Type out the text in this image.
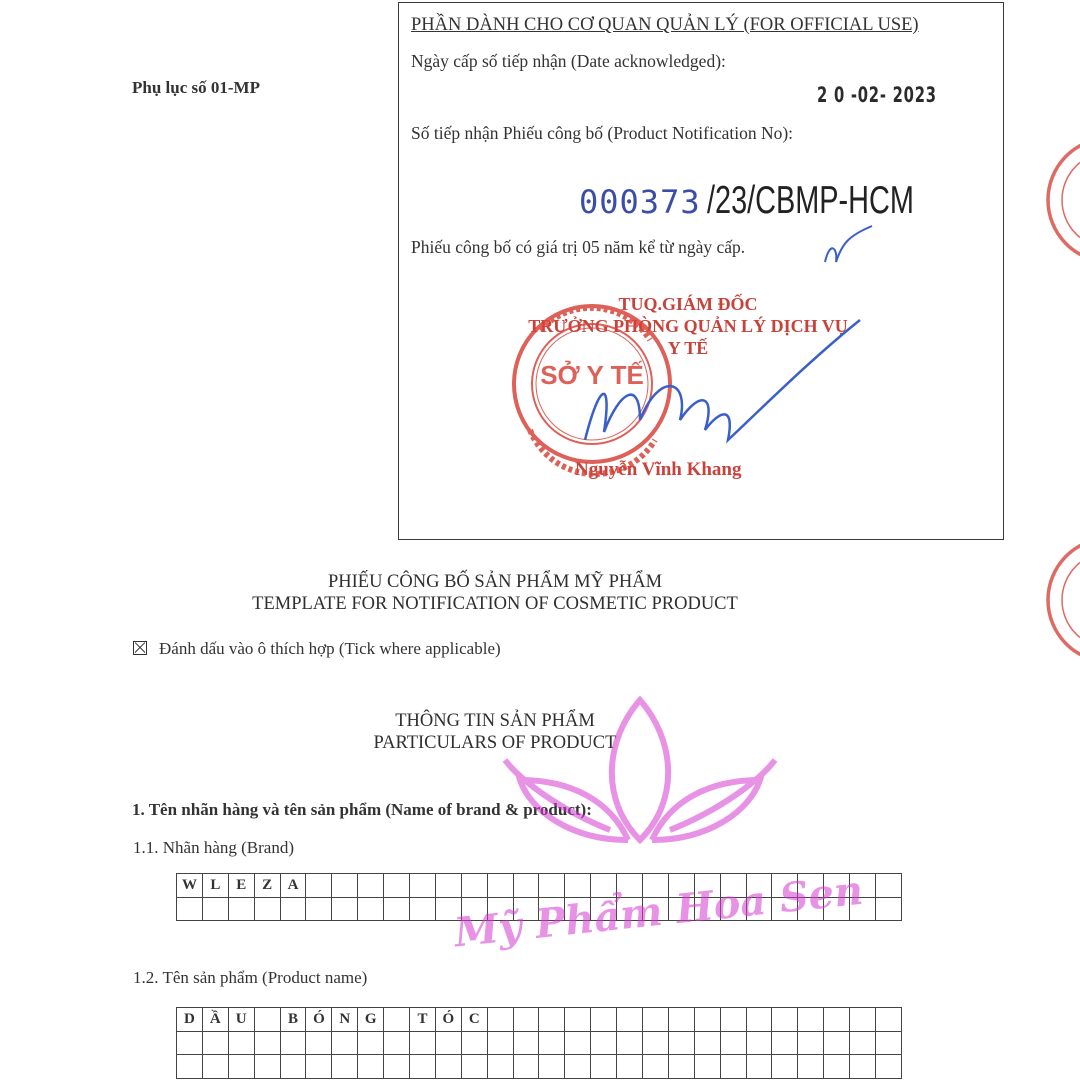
Phụ lục số 01-MP
PHẦN DÀNH CHO CƠ QUAN QUẢN LÝ (FOR OFFICIAL USE)
Ngày cấp số tiếp nhận (Date acknowledged):
2 0 -02- 2023
Số tiếp nhận Phiếu công bố (Product Notification No):
000373 /23/CBMP-HCM
Phiếu công bố có giá trị 05 năm kể từ ngày cấp.
TUQ.GIÁM ĐỐC
TRƯỞNG PHÒNG QUẢN LÝ DỊCH VỤ Y TẾ
Nguyễn Vĩnh Khang
PHIẾU CÔNG BỐ SẢN PHẨM MỸ PHẨM
TEMPLATE FOR NOTIFICATION OF COSMETIC PRODUCT
Đánh dấu vào ô thích hợp (Tick where applicable)
THÔNG TIN SẢN PHẨM
PARTICULARS OF PRODUCT
1. Tên nhãn hàng và tên sản phẩm (Name of brand & product):
1.1. Nhãn hàng (Brand)
W L	E	Z	A
1.2. Tên sản phẩm (Product name)
D	Ầ	U	B	Ó N G	T	Ó C
SỞ Y TẾ
Mỹ Phẩm Hoa Sen
